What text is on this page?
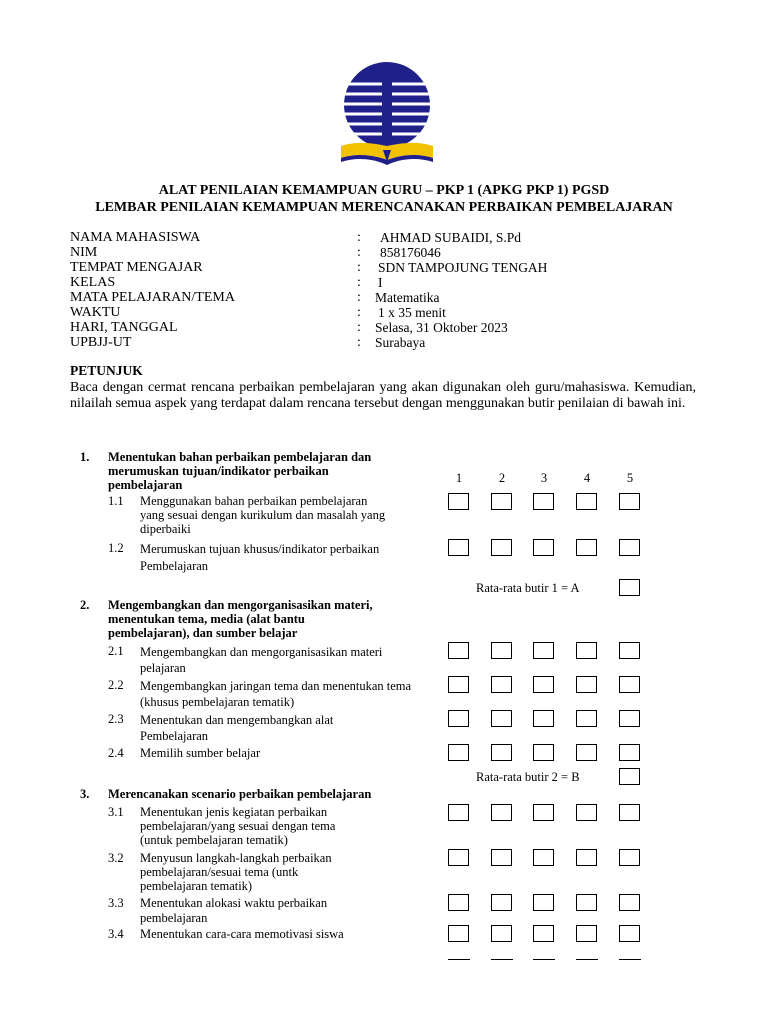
ALAT PENILAIAN KEMAMPUAN GURU – PKP 1 (APKG PKP 1) PGSD
LEMBAR PENILAIAN KEMAMPUAN MERENCANAKAN PERBAIKAN PEMBELAJARAN
NAMA MAHASISWA	: AHMAD SUBAIDI, S.Pd
NIM	: 858176046
TEMPAT MENGAJAR	: SDN TAMPOJUNG TENGAH
KELAS	: I
MATA PELAJARAN/TEMA	: Matematika
WAKTU	: 1 x 35 menit
HARI, TANGGAL	: Selasa, 31 Oktober 2023
UPBJJ-UT	: Surabaya
PETUNJUK
Baca dengan cermat rencana perbaikan pembelajaran yang akan digunakan oleh guru/mahasiswa. Kemudian, nilailah semua aspek yang terdapat dalam rencana tersebut dengan menggunakan butir penilaian di bawah ini.
1	2	3	4	5
1. Menentukan bahan perbaikan pembelajaran dan merumuskan tujuan/indikator perbaikan pembelajaran
1.1 Menggunakan bahan perbaikan pembelajaran yang sesuai dengan kurikulum dan masalah yang diperbaiki
1.2 Merumuskan tujuan khusus/indikator perbaikan Pembelajaran
Rata-rata butir 1 = A
2. Mengembangkan dan mengorganisasikan materi, menentukan tema, media (alat bantu pembelajaran), dan sumber belajar
2.1 Mengembangkan dan mengorganisasikan materi pelajaran
2.2 Mengembangkan jaringan tema dan menentukan tema (khusus pembelajaran tematik)
2.3 Menentukan dan mengembangkan alat Pembelajaran
2.4 Memilih sumber belajar
Rata-rata butir 2 = B
3. Merencanakan scenario perbaikan pembelajaran
3.1 Menentukan jenis kegiatan perbaikan pembelajaran/yang sesuai dengan tema (untuk pembelajaran tematik)
3.2 Menyusun langkah-langkah perbaikan pembelajaran/sesuai tema (untk pembelajaran tematik)
3.3 Menentukan alokasi waktu perbaikan pembelajaran
3.4 Menentukan cara-cara memotivasi siswa
